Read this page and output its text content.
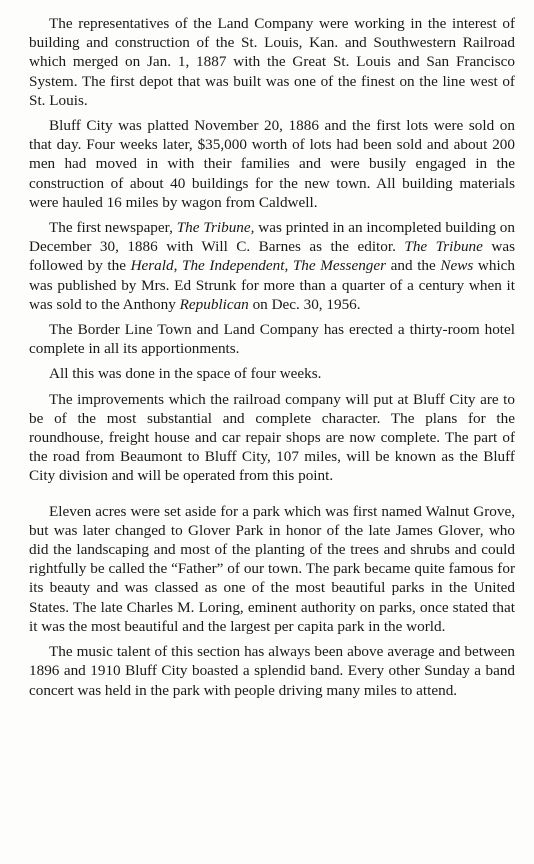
The representatives of the Land Company were working in the interest of building and construction of the St. Louis, Kan. and Southwestern Railroad which merged on Jan. 1, 1887 with the Great St. Louis and San Francisco System. The first depot that was built was one of the finest on the line west of St. Louis.

Bluff City was platted November 20, 1886 and the first lots were sold on that day. Four weeks later, $35,000 worth of lots had been sold and about 200 men had moved in with their families and were busily engaged in the construction of about 40 buildings for the new town. All building materials were hauled 16 miles by wagon from Caldwell.

The first newspaper, The Tribune, was printed in an incompleted building on December 30, 1886 with Will C. Barnes as the editor. The Tribune was followed by the Herald, The Independent, The Messenger and the News which was published by Mrs. Ed Strunk for more than a quarter of a century when it was sold to the Anthony Republican on Dec. 30, 1956.

The Border Line Town and Land Company has erected a thirty-room hotel complete in all its apportionments.

All this was done in the space of four weeks.

The improvements which the railroad company will put at Bluff City are to be of the most substantial and complete character. The plans for the roundhouse, freight house and car repair shops are now complete. The part of the road from Beaumont to Bluff City, 107 miles, will be known as the Bluff City division and will be operated from this point.

Eleven acres were set aside for a park which was first named Walnut Grove, but was later changed to Glover Park in honor of the late James Glover, who did the landscaping and most of the planting of the trees and shrubs and could rightfully be called the “Father” of our town. The park became quite famous for its beauty and was classed as one of the most beautiful parks in the United States. The late Charles M. Loring, eminent authority on parks, once stated that it was the most beautiful and the largest per capita park in the world.

The music talent of this section has always been above average and between 1896 and 1910 Bluff City boasted a splendid band. Every other Sunday a band concert was held in the park with people driving many miles to attend.
